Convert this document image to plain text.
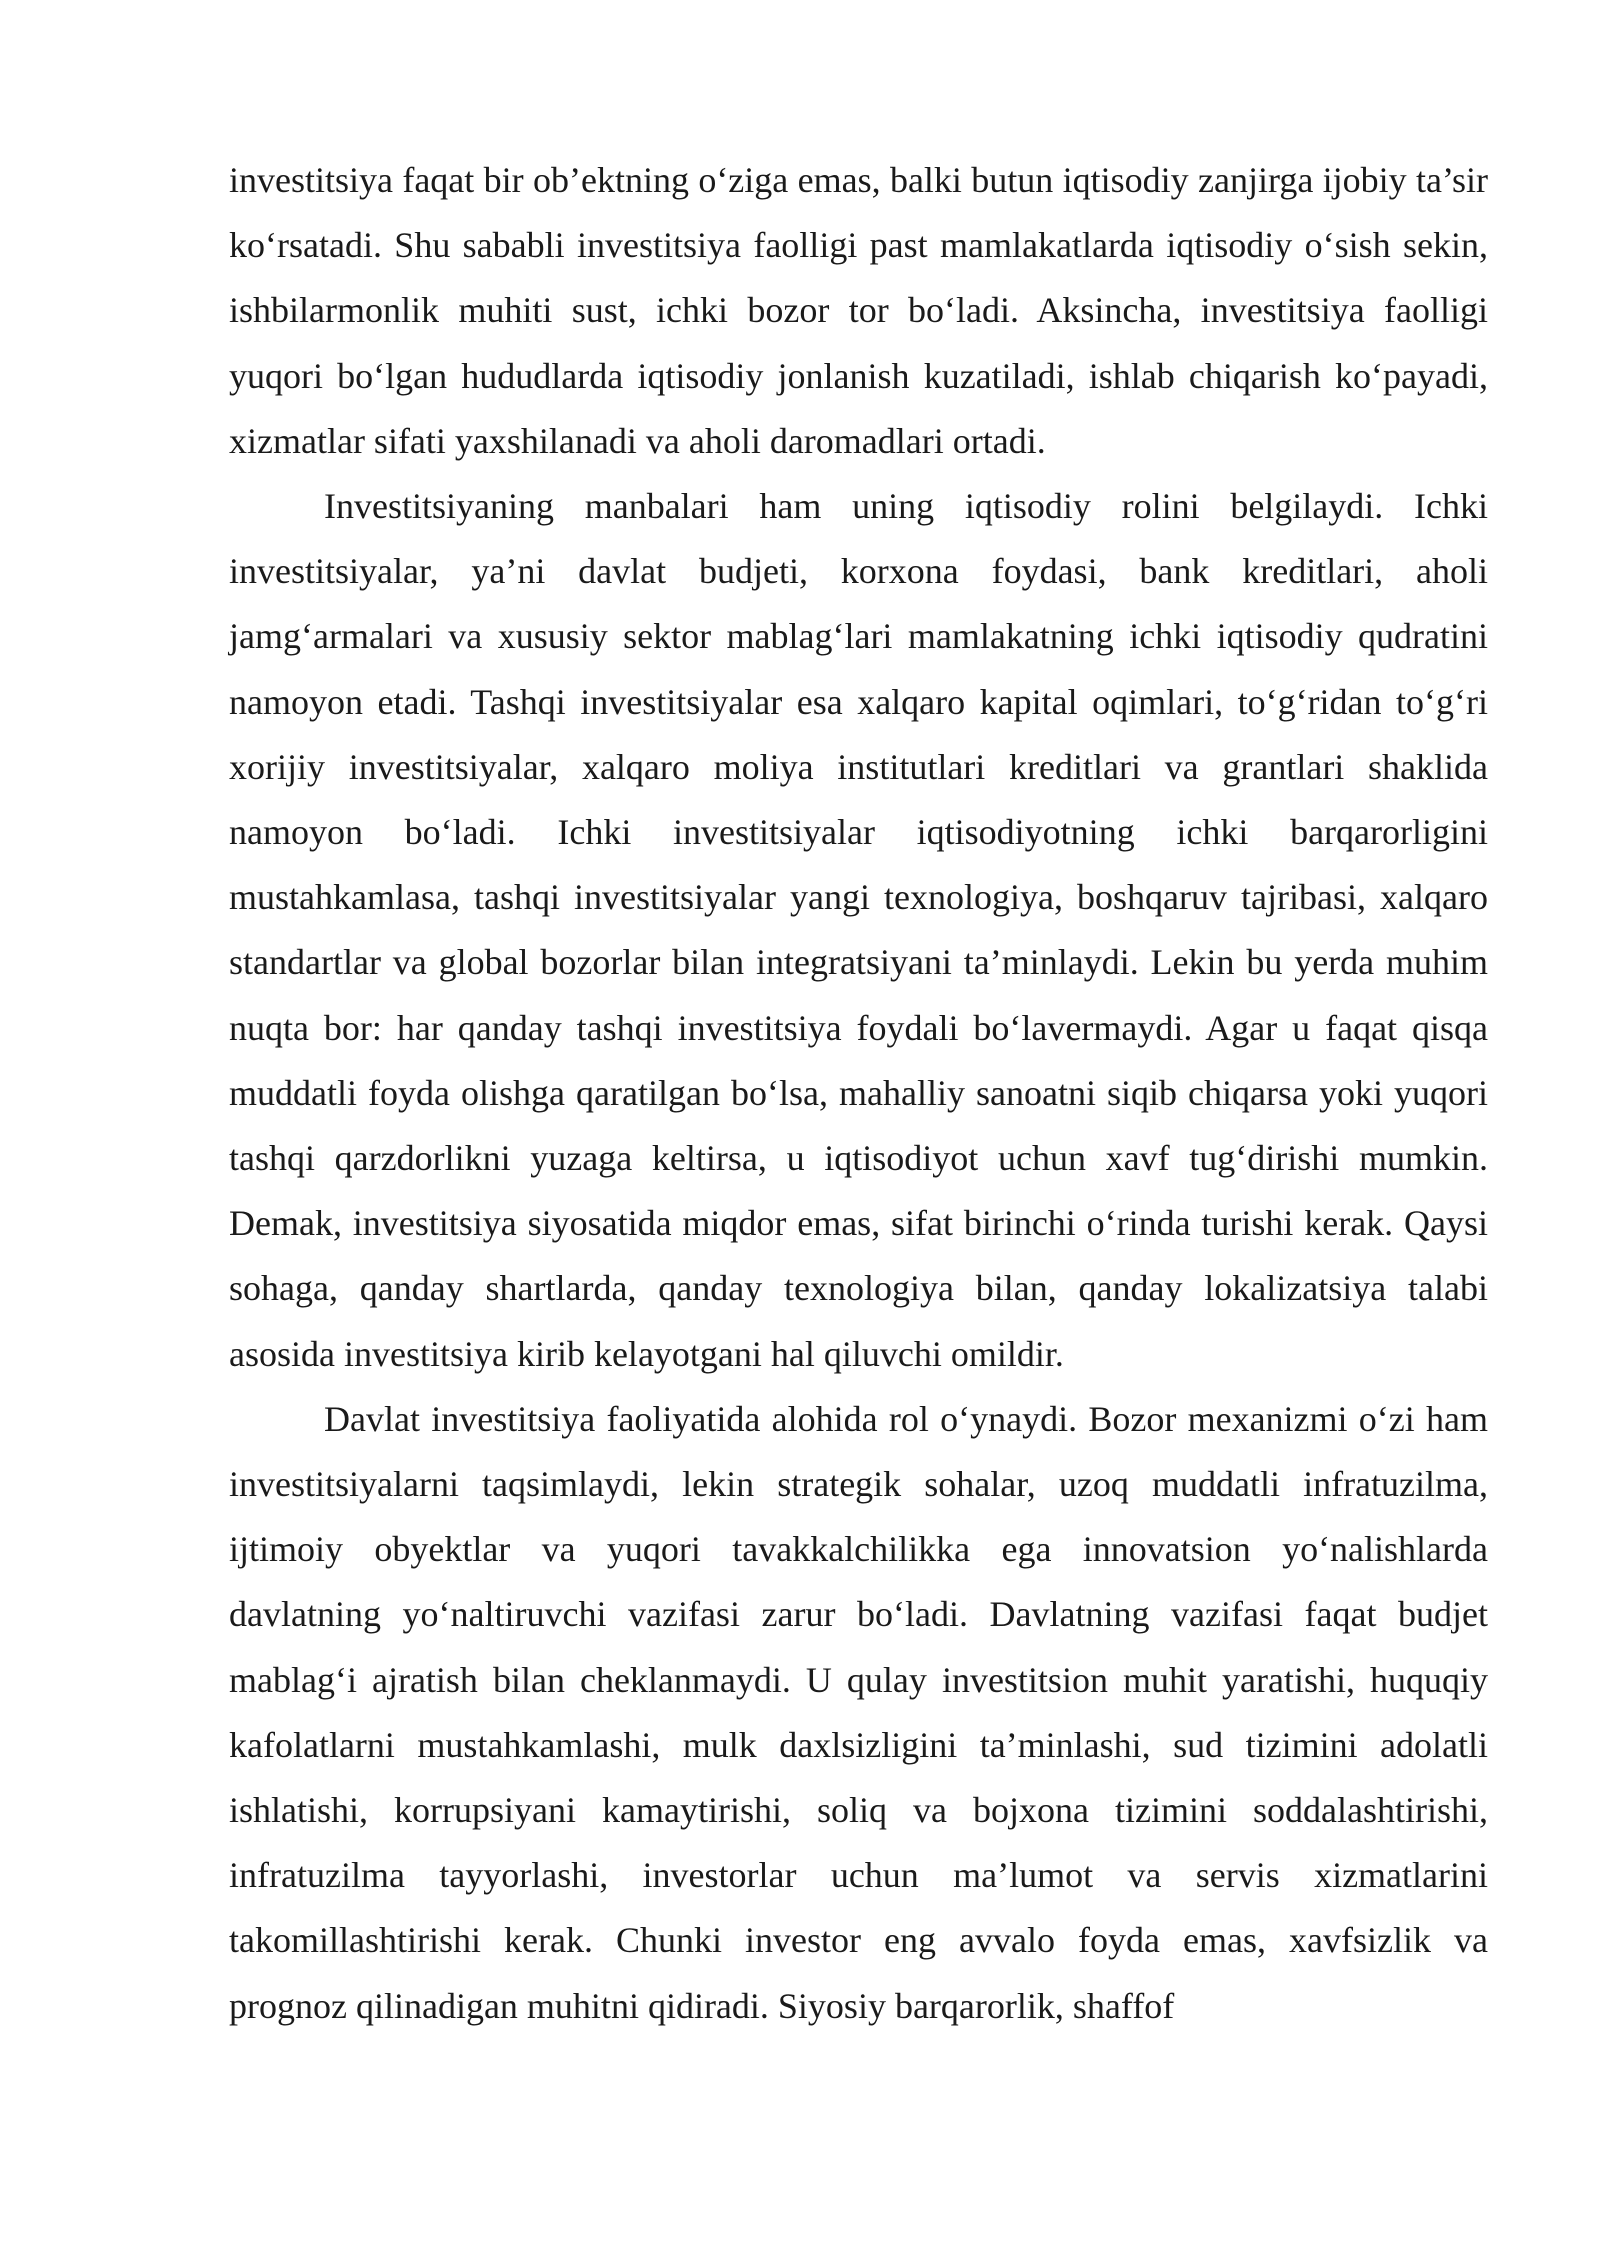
investitsiya faqat bir ob’ektning o‘ziga emas, balki butun iqtisodiy zanjirga ijobiy ta’sir ko‘rsatadi. Shu sababli investitsiya faolligi past mamlakatlarda iqtisodiy o‘sish sekin, ishbilarmonlik muhiti sust, ichki bozor tor bo‘ladi. Aksincha, investitsiya faolligi yuqori bo‘lgan hududlarda iqtisodiy jonlanish kuzatiladi, ishlab chiqarish ko‘payadi, xizmatlar sifati yaxshilanadi va aholi daromadlari ortadi.

Investitsiyaning manbalari ham uning iqtisodiy rolini belgilaydi. Ichki investitsiyalar, ya’ni davlat budjeti, korxona foydasi, bank kreditlari, aholi jamg‘armalari va xususiy sektor mablag‘lari mamlakatning ichki iqtisodiy qudratini namoyon etadi. Tashqi investitsiyalar esa xalqaro kapital oqimlari, to‘g‘ridan to‘g‘ri xorijiy investitsiyalar, xalqaro moliya institutlari kreditlari va grantlari shaklida namoyon bo‘ladi. Ichki investitsiyalar iqtisodiyotning ichki barqarorligini mustahkamlasa, tashqi investitsiyalar yangi texnologiya, boshqaruv tajribasi, xalqaro standartlar va global bozorlar bilan integratsiyani ta’minlaydi. Lekin bu yerda muhim nuqta bor: har qanday tashqi investitsiya foydali bo‘lavermaydi. Agar u faqat qisqa muddatli foyda olishga qaratilgan bo‘lsa, mahalliy sanoatni siqib chiqarsa yoki yuqori tashqi qarzdorlikni yuzaga keltirsa, u iqtisodiyot uchun xavf tug‘dirishi mumkin. Demak, investitsiya siyosatida miqdor emas, sifat birinchi o‘rinda turishi kerak. Qaysi sohaga, qanday shartlarda, qanday texnologiya bilan, qanday lokalizatsiya talabi asosida investitsiya kirib kelayotgani hal qiluvchi omildir.

Davlat investitsiya faoliyatida alohida rol o‘ynaydi. Bozor mexanizmi o‘zi ham investitsiyalarni taqsimlaydi, lekin strategik sohalar, uzoq muddatli infratuzilma, ijtimoiy obyektlar va yuqori tavakkalchilikka ega innovatsion yo‘nalishlarda davlatning yo‘naltiruvchi vazifasi zarur bo‘ladi. Davlatning vazifasi faqat budjet mablag‘i ajratish bilan cheklanmaydi. U qulay investitsion muhit yaratishi, huquqiy kafolatlarni mustahkamlashi, mulk daxlsizligini ta’minlashi, sud tizimini adolatli ishlatishi, korrupsiyani kamaytirishi, soliq va bojxona tizimini soddalashtirishi, infratuzilma tayyorlashi, investorlar uchun ma’lumot va servis xizmatlarini takomillashtirishi kerak. Chunki investor eng avvalo foyda emas, xavfsizlik va prognoz qilinadigan muhitni qidiradi. Siyosiy barqarorlik, shaffof
